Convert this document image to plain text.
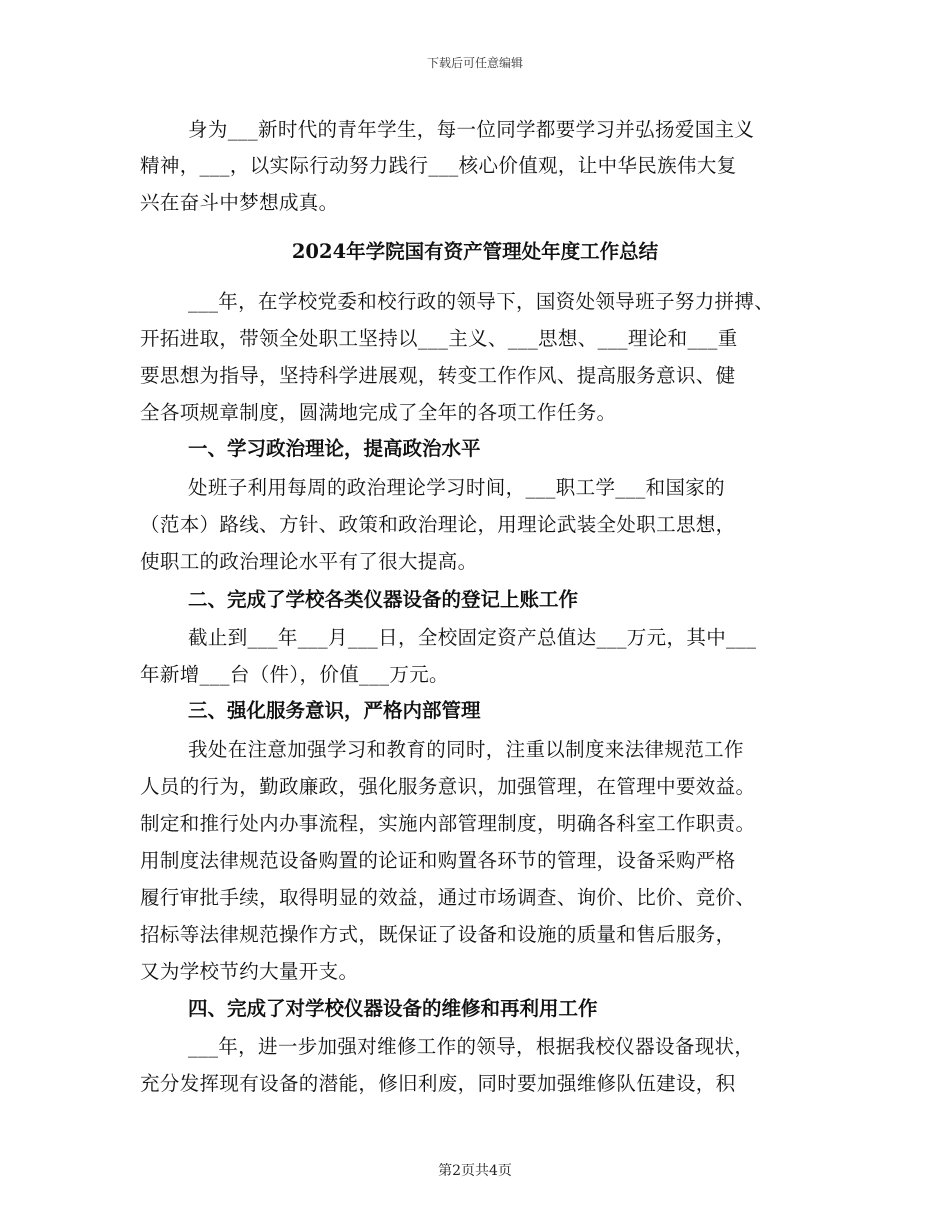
下载后可任意编辑
身为___新时代的青年学生，每一位同学都要学习并弘扬爱国主义
精神，___，以实际行动努力践行___核心价值观，让中华民族伟大复
兴在奋斗中梦想成真。
2024年学院国有资产管理处年度工作总结
___年，在学校党委和校行政的领导下，国资处领导班子努力拼搏、
开拓进取，带领全处职工坚持以___主义、___思想、___理论和___重
要思想为指导，坚持科学进展观，转变工作作风、提高服务意识、健
全各项规章制度，圆满地完成了全年的各项工作任务。
一、学习政治理论，提高政治水平
处班子利用每周的政治理论学习时间，___职工学___和国家的
（范本）路线、方针、政策和政治理论，用理论武装全处职工思想，
使职工的政治理论水平有了很大提高。
二、完成了学校各类仪器设备的登记上账工作
截止到___年___月___日，全校固定资产总值达___万元，其中___
年新增___台（件），价值___万元。
三、强化服务意识，严格内部管理
我处在注意加强学习和教育的同时，注重以制度来法律规范工作
人员的行为，勤政廉政，强化服务意识，加强管理，在管理中要效益。
制定和推行处内办事流程，实施内部管理制度，明确各科室工作职责。
用制度法律规范设备购置的论证和购置各环节的管理，设备采购严格
履行审批手续，取得明显的效益，通过市场调查、询价、比价、竞价、
招标等法律规范操作方式，既保证了设备和设施的质量和售后服务，
又为学校节约大量开支。
四、完成了对学校仪器设备的维修和再利用工作
___年，进一步加强对维修工作的领导，根据我校仪器设备现状，
充分发挥现有设备的潜能，修旧利废，同时要加强维修队伍建设，积
第2页共4页
